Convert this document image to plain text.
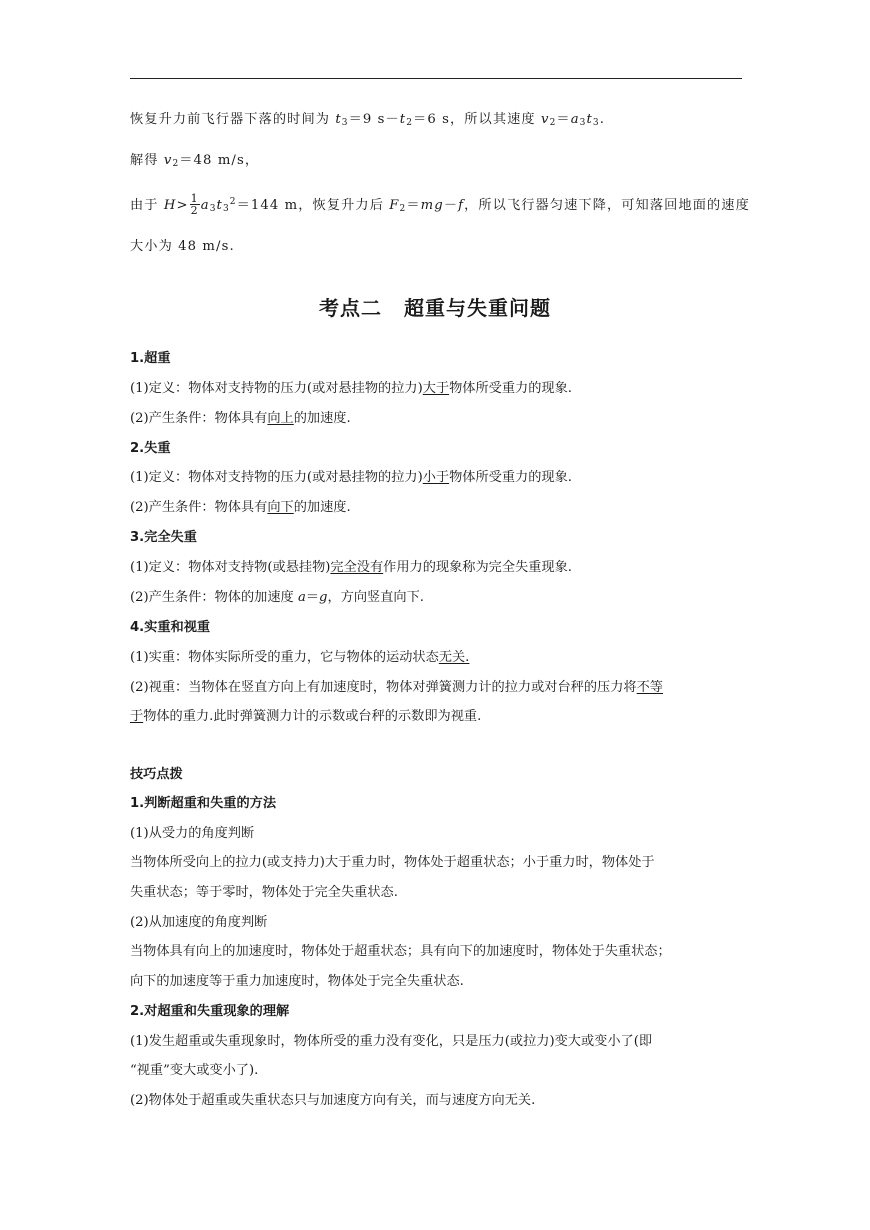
恢复升力前飞行器下落的时间为 $t_3=9$ $s-t_2=6$ s，所以其速度 $v_2=a_3t_3$.
解得 $v_2=48$ m/s，
由于 $H> \frac{1}{2} a_3t_3^2=144$ m，恢复升力后 $F_2=mg-f$，所以飞行器匀速下降，可知落回地面的速度
大小为 48 m/s.
考点二 超重与失重问题
1.超重
(1)定义：物体对支持物的压力(或对悬挂物的拉力)大于物体所受重力的现象.
(2)产生条件：物体具有向上的加速度.
2.失重
(1)定义：物体对支持物的压力(或对悬挂物的拉力)小于物体所受重力的现象.
(2)产生条件：物体具有向下的加速度.
3.完全失重
(1)定义：物体对支持物(或悬挂物)完全没有作用力的现象称为完全失重现象.
(2)产生条件：物体的加速度 a＝g，方向竖直向下.
4.实重和视重
(1)实重：物体实际所受的重力，它与物体的运动状态无关.
(2)视重：当物体在竖直方向上有加速度时，物体对弹簧测力计的拉力或对台秤的压力将不等
于物体的重力.此时弹簧测力计的示数或台秤的示数即为视重.
技巧点拨
1.判断超重和失重的方法
(1)从受力的角度判断
当物体所受向上的拉力(或支持力)大于重力时，物体处于超重状态；小于重力时，物体处于
失重状态；等于零时，物体处于完全失重状态.
(2)从加速度的角度判断
当物体具有向上的加速度时，物体处于超重状态；具有向下的加速度时，物体处于失重状态；
向下的加速度等于重力加速度时，物体处于完全失重状态.
2.对超重和失重现象的理解
(1)发生超重或失重现象时，物体所受的重力没有变化，只是压力(或拉力)变大或变小了(即
“视重”变大或变小了).
(2)物体处于超重或失重状态只与加速度方向有关，而与速度方向无关.
